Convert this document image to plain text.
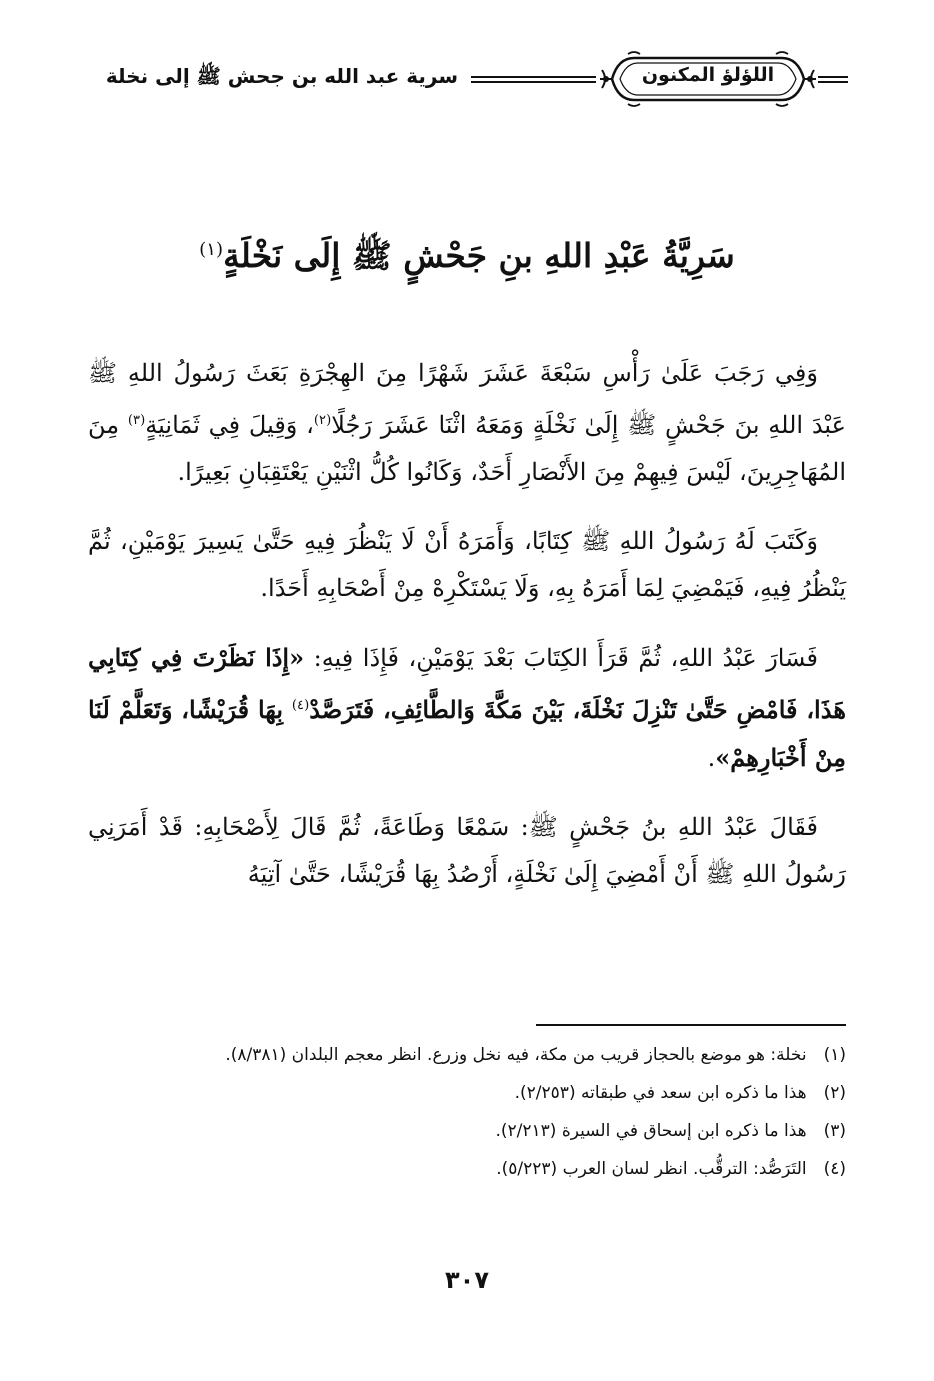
اللؤلؤ المكنون
سرية عبد الله بن جحش ﷺ إلى نخلة
سَرِيَّةُ عَبْدِ اللهِ بنِ جَحْشٍ ﷺ إِلَى نَخْلَةٍ$^{(١)}$

وَفِي رَجَبَ عَلَىٰ رَأْسِ سَبْعَةَ عَشَرَ شَهْرًا مِنَ الهِجْرَةِ بَعَثَ رَسُولُ اللهِ ﷺ عَبْدَ اللهِ بنَ جَحْشٍ ﷺ إِلَىٰ نَخْلَةٍ وَمَعَهُ اثْنَا عَشَرَ رَجُلًا$^{(٢)}$، وَقِيلَ فِي ثَمَانِيَةٍ$^{(٣)}$ مِنَ المُهَاجِرِينَ، لَيْسَ فِيهِمْ مِنَ الأَنْصَارِ أَحَدٌ، وَكَانُوا كُلُّ اثْنَيْنِ يَعْتَقِبَانِ بَعِيرًا.

وَكَتَبَ لَهُ رَسُولُ اللهِ ﷺ كِتَابًا، وَأَمَرَهُ أَنْ لَا يَنْظُرَ فِيهِ حَتَّىٰ يَسِيرَ يَوْمَيْنِ، ثُمَّ يَنْظُرُ فِيهِ، فَيَمْضِيَ لِمَا أَمَرَهُ بِهِ، وَلَا يَسْتَكْرِهْ مِنْ أَصْحَابِهِ أَحَدًا.

فَسَارَ عَبْدُ اللهِ، ثُمَّ قَرَأَ الكِتَابَ بَعْدَ يَوْمَيْنِ، فَإِذَا فِيهِ: «إِذَا نَظَرْتَ فِي كِتَابِي هَذَا، فَامْضِ حَتَّىٰ تَنْزِلَ نَخْلَةَ، بَيْنَ مَكَّةَ وَالطَّائِفِ، فَتَرَصَّدْ$^{(٤)}$ بِهَا قُرَيْشًا، وَتَعَلَّمْ لَنَا مِنْ أَخْبَارِهِمْ».

فَقَالَ عَبْدُ اللهِ بنُ جَحْشٍ ﷺ: سَمْعًا وَطَاعَةً، ثُمَّ قَالَ لِأَصْحَابِهِ: قَدْ أَمَرَنِي رَسُولُ اللهِ ﷺ أَنْ أَمْضِيَ إِلَىٰ نَخْلَةٍ، أَرْصُدُ بِهَا قُرَيْشًا، حَتَّىٰ آتِيَهُ

(١) نخلة: هو موضع بالحجاز قريب من مكة، فيه نخل وزرع. انظر معجم البلدان (٨/٣٨١).
(٢) هذا ما ذكره ابن سعد في طبقاته (٢/٢٥٣).
(٣) هذا ما ذكره ابن إسحاق في السيرة (٢/٢١٣).
(٤) التَرَصُّد: الترقُّب. انظر لسان العرب (٥/٢٢٣).
٣٠٧
